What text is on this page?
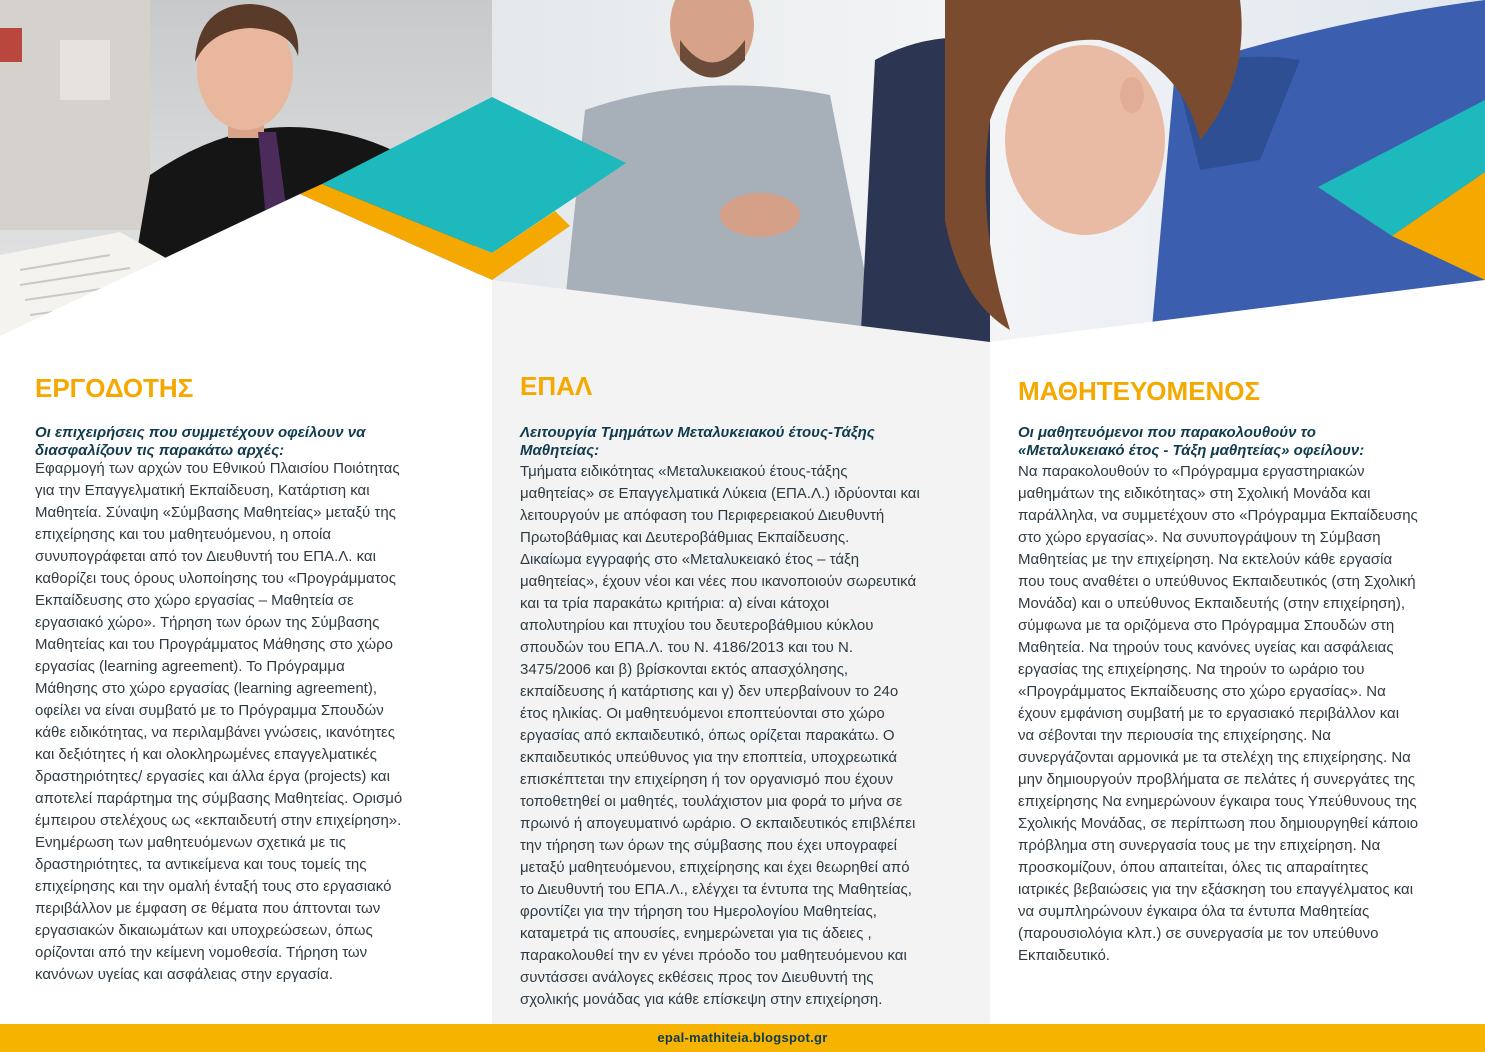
ΕΡΓΟΔΟΤΗΣ
Οι επιχειρήσεις που συμμετέχουν οφείλουν να
διασφαλίζουν τις παρακάτω αρχές:
Εφαρμογή των αρχών του Εθνικού Πλαισίου Ποιότητας
για την Επαγγελματική Εκπαίδευση, Κατάρτιση και
Μαθητεία. Σύναψη «Σύμβασης Μαθητείας» μεταξύ της
επιχείρησης και του μαθητευόμενου, η οποία
συνυπογράφεται από τον Διευθυντή του ΕΠΑ.Λ. και
καθορίζει τους όρους υλοποίησης του «Προγράμματος
Εκπαίδευσης στο χώρο εργασίας – Μαθητεία σε
εργασιακό χώρο». Τήρηση των όρων της Σύμβασης
Μαθητείας και του Προγράμματος Μάθησης στο χώρο
εργασίας (learning agreement). Το Πρόγραμμα
Μάθησης στο χώρο εργασίας (learning agreement),
οφείλει να είναι συμβατό με το Πρόγραμμα Σπουδών
κάθε ειδικότητας, να περιλαμβάνει γνώσεις, ικανότητες
και δεξιότητες ή και ολοκληρωμένες επαγγελματικές
δραστηριότητες/ εργασίες και άλλα έργα (projects) και
αποτελεί παράρτημα της σύμβασης Μαθητείας. Ορισμό
έμπειρου στελέχους ως «εκπαιδευτή στην επιχείρηση».
Ενημέρωση των μαθητευόμενων σχετικά με τις
δραστηριότητες, τα αντικείμενα και τους τομείς της
επιχείρησης και την ομαλή ένταξή τους στο εργασιακό
περιβάλλον με έμφαση σε θέματα που άπτονται των
εργασιακών δικαιωμάτων και υποχρεώσεων, όπως
ορίζονται από την κείμενη νομοθεσία. Τήρηση των
κανόνων υγείας και ασφάλειας στην εργασία.
ΕΠΑΛ
Λειτουργία Τμημάτων Μεταλυκειακού έτους-Τάξης
Μαθητείας:
Τμήματα ειδικότητας «Μεταλυκειακού έτους-τάξης
μαθητείας» σε Επαγγελματικά Λύκεια (ΕΠΑ.Λ.) ιδρύονται και
λειτουργούν με απόφαση του Περιφερειακού Διευθυντή
Πρωτοβάθμιας και Δευτεροβάθμιας Εκπαίδευσης.
Δικαίωμα εγγραφής στο «Μεταλυκειακό έτος – τάξη
μαθητείας», έχουν νέοι και νέες που ικανοποιούν σωρευτικά
και τα τρία παρακάτω κριτήρια: α) είναι κάτοχοι
απολυτηρίου και πτυχίου του δευτεροβάθμιου κύκλου
σπουδών του ΕΠΑ.Λ. του Ν. 4186/2013 και του Ν.
3475/2006 και β) βρίσκονται εκτός απασχόλησης,
εκπαίδευσης ή κατάρτισης και γ) δεν υπερβαίνουν το 24ο
έτος ηλικίας. Οι μαθητευόμενοι εποπτεύονται στο χώρο
εργασίας από εκπαιδευτικό, όπως ορίζεται παρακάτω. Ο
εκπαιδευτικός υπεύθυνος για την εποπτεία, υποχρεωτικά
επισκέπτεται την επιχείρηση ή τον οργανισμό που έχουν
τοποθετηθεί οι μαθητές, τουλάχιστον μια φορά το μήνα σε
πρωινό ή απογευματινό ωράριο. Ο εκπαιδευτικός επιβλέπει
την τήρηση των όρων της σύμβασης που έχει υπογραφεί
μεταξύ μαθητευόμενου, επιχείρησης και έχει θεωρηθεί από
το Διευθυντή του ΕΠΑ.Λ., ελέγχει τα έντυπα της Μαθητείας,
φροντίζει για την τήρηση του Ημερολογίου Μαθητείας,
καταμετρά τις απουσίες, ενημερώνεται για τις άδειες ,
παρακολουθεί την εν γένει πρόοδο του μαθητευόμενου και
συντάσσει ανάλογες εκθέσεις προς τον Διευθυντή της
σχολικής μονάδας για κάθε επίσκεψη στην επιχείρηση.
ΜΑΘΗΤΕΥΟΜΕΝΟΣ
Οι μαθητευόμενοι που παρακολουθούν το
«Μεταλυκειακό έτος - Τάξη μαθητείας» οφείλουν:
Να παρακολουθούν το «Πρόγραμμα εργαστηριακών
μαθημάτων της ειδικότητας» στη Σχολική Μονάδα και
παράλληλα, να συμμετέχουν στο «Πρόγραμμα Εκπαίδευσης
στο χώρο εργασίας». Να συνυπογράψουν τη Σύμβαση
Μαθητείας με την επιχείρηση. Να εκτελούν κάθε εργασία
που τους αναθέτει ο υπεύθυνος Εκπαιδευτικός (στη Σχολική
Μονάδα) και ο υπεύθυνος Εκπαιδευτής (στην επιχείρηση),
σύμφωνα με τα οριζόμενα στο Πρόγραμμα Σπουδών στη
Μαθητεία. Να τηρούν τους κανόνες υγείας και ασφάλειας
εργασίας της επιχείρησης. Να τηρούν το ωράριο του
«Προγράμματος Εκπαίδευσης στο χώρο εργασίας». Να
έχουν εμφάνιση συμβατή με το εργασιακό περιβάλλον και
να σέβονται την περιουσία της επιχείρησης. Να
συνεργάζονται αρμονικά με τα στελέχη της επιχείρησης. Να
μην δημιουργούν προβλήματα σε πελάτες ή συνεργάτες της
επιχείρησης Να ενημερώνουν έγκαιρα τους Υπεύθυνους της
Σχολικής Μονάδας, σε περίπτωση που δημιουργηθεί κάποιο
πρόβλημα στη συνεργασία τους με την επιχείρηση. Να
προσκομίζουν, όπου απαιτείται, όλες τις απαραίτητες
ιατρικές βεβαιώσεις για την εξάσκηση του επαγγέλματος και
να συμπληρώνουν έγκαιρα όλα τα έντυπα Μαθητείας
(παρουσιολόγια κλπ.) σε συνεργασία με τον υπεύθυνο
Εκπαιδευτικό.
epal-mathiteia.blogspot.gr
